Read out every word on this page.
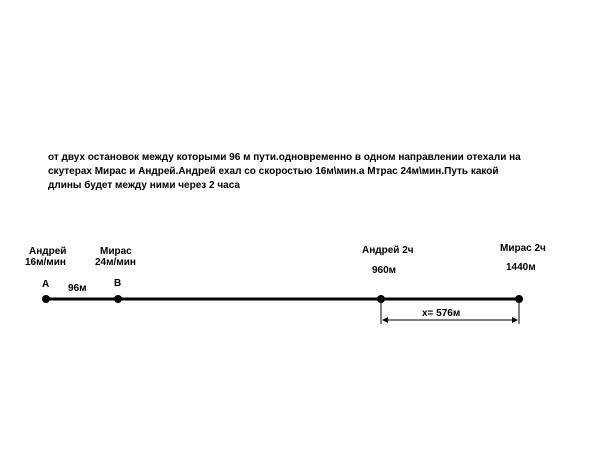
от двух остановок между которыми 96 м пути.одновременно в одном направлении отехали на
скутерах Мирас и Андрей.Андрей ехал со скоростью 16м\мин.а Мтрас 24м\мин.Путь какой
длины будет между ними через 2 часа
Андрей
16м/мин
Мирас
24м/мин
А	В
96м
Андрей 2ч
960м
Мирас 2ч
1440м
x= 576м
